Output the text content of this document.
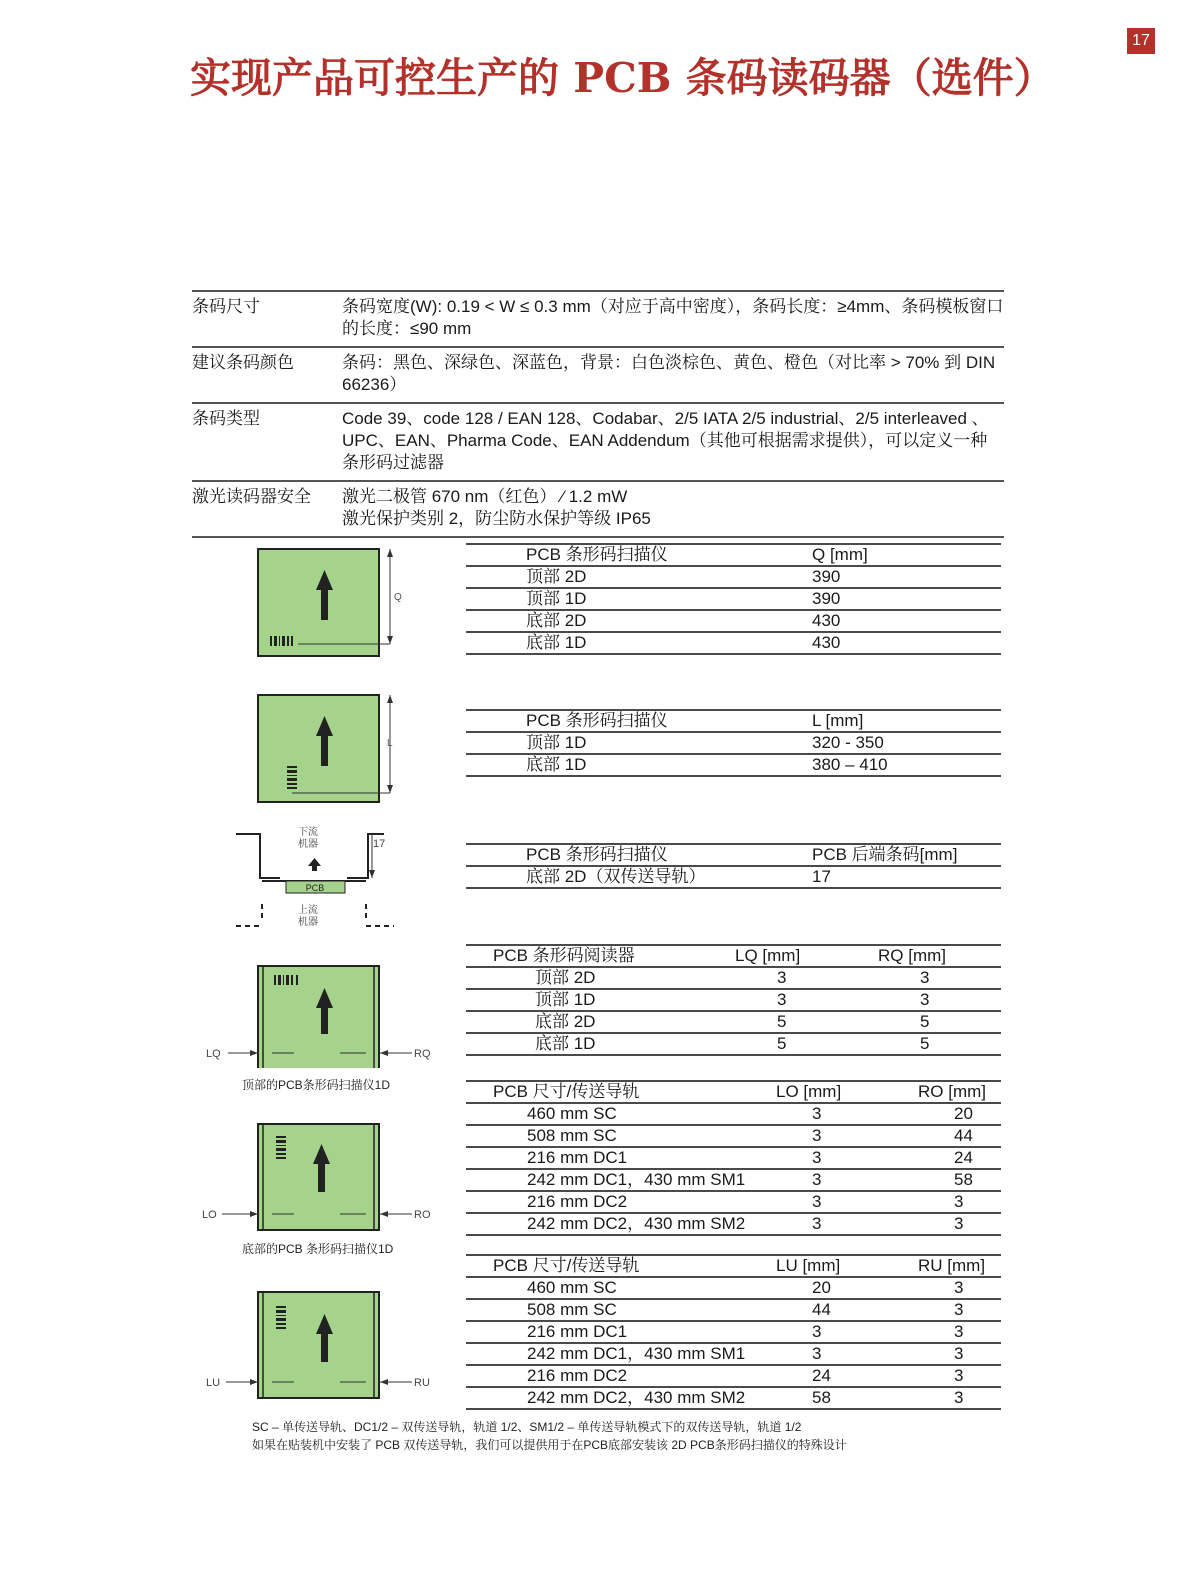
17
实现产品可控生产的 PCB 条码读码器（选件）
条码尺寸	条码宽度(W): 0.19 < W ≤ 0.3 mm（对应于高中密度），条码长度：≥4mm、条码模板窗口的长度：≤90 mm
建议条码颜色	条码：黑色、深绿色、深蓝色，背景：白色淡棕色、黄色、橙色（对比率 > 70% 到 DIN 66236）
条码类型	Code 39、code 128 / EAN 128、Codabar、2/5 IATA 2/5 industrial、2/5 interleaved 、UPC、EAN、Pharma Code、EAN Addendum（其他可根据需求提供），可以定义一种条形码过滤器
激光读码器安全	激光二极管 670 nm（红色） ⁄ 1.2 mW
激光保护类别 2，防尘防水保护等级 IP65
	PCB 条形码扫描仪	Q [mm]
	顶部 2D	390
	顶部 1D	390
	底部 2D	430
	底部 1D	430
	PCB 条形码扫描仪	L [mm]
	顶部 1D	320 - 350
	底部 1D	380 – 410
	PCB 条形码扫描仪	PCB 后端条码[mm]
	底部 2D（双传送导轨）	17
	PCB 条形码阅读器	LQ [mm]	RQ [mm]
	顶部 2D	3	3
	顶部 1D	3	3
	底部 2D	5	5
	底部 1D	5	5
	PCB 尺寸/传送导轨	LO [mm]	RO [mm]
	460 mm SC	3	20
	508 mm SC	3	44
	216 mm DC1	3	24
	242 mm DC1，430 mm SM1	3	58
	216 mm DC2	3	3
	242 mm DC2，430 mm SM2	3	3
	PCB 尺寸/传送导轨	LU [mm]	RU [mm]
	460 mm SC	20	3
	508 mm SC	44	3
	216 mm DC1	3	3
	242 mm DC1，430 mm SM1	3	3
	216 mm DC2	24	3
	242 mm DC2，430 mm SM2	58	3
Q
L
PCB
下流机器
上流机器
17
LQ	RQ
顶部的PCB条形码扫描仪1D
LO	RO
底部的PCB 条形码扫描仪1D
LU	RU
SC – 单传送导轨、DC1/2 – 双传送导轨，轨道 1/2、SM1/2 – 单传送导轨模式下的双传送导轨，轨道 1/2
如果在贴装机中安装了 PCB 双传送导轨，我们可以提供用于在PCB底部安装该 2D PCB条形码扫描仪的特殊设计
